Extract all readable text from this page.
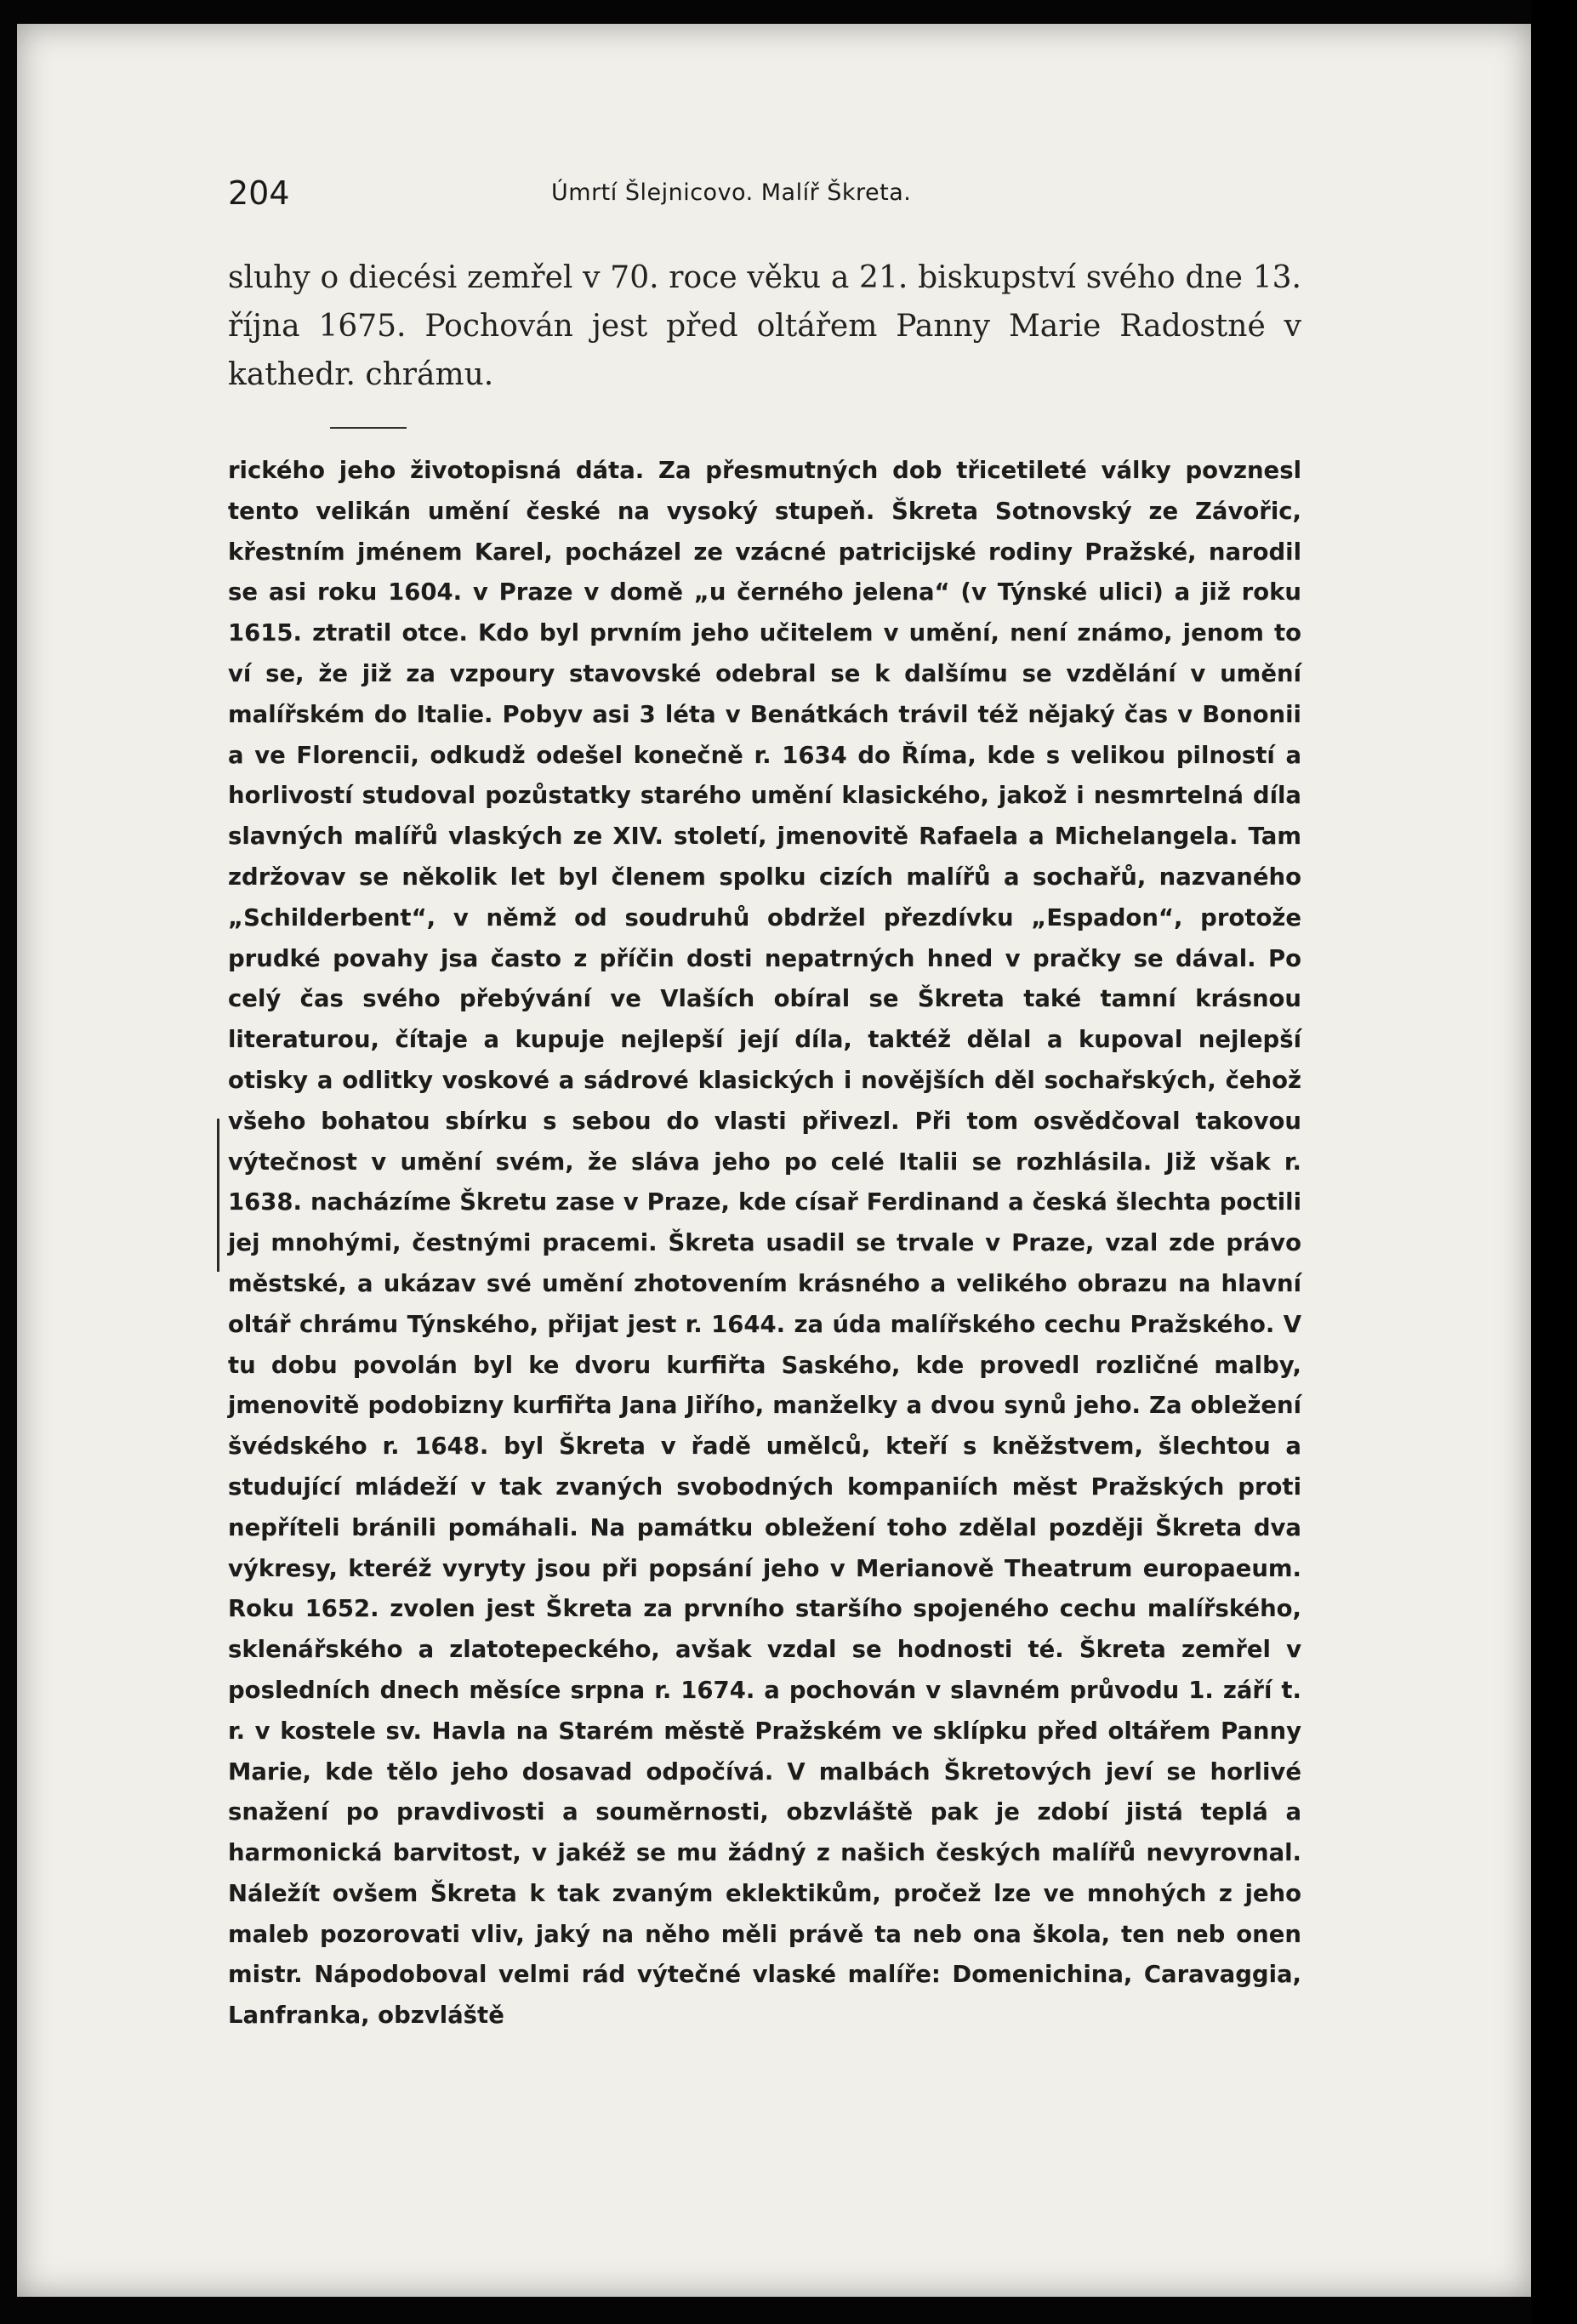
204	Úmrtí Šlejnicovo. Malíř Škreta.

sluhy o diecési zemřel v 70. roce věku a 21. biskupství svého dne 13. října 1675. Pochován jest před oltářem Panny Marie Radostné v kathedr. chrámu.

rického jeho životopisná dáta. Za přesmutných dob třicetileté války povznesl tento velikán umění české na vysoký stupeň. Škreta Sotnovský ze Závořic, křestním jménem Karel, pocházel ze vzácné patricijské rodiny Pražské, narodil se asi roku 1604. v Praze v domě „u černého jelena“ (v Týnské ulici) a již roku 1615. ztratil otce. Kdo byl prvním jeho učitelem v umění, není známo, jenom to ví se, že již za vzpoury stavovské odebral se k dalšímu se vzdělání v umění malířském do Italie. Pobyv asi 3 léta v Benátkách trávil též nějaký čas v Bononii a ve Florencii, odkudž odešel konečně r. 1634 do Říma, kde s velikou pilností a horlivostí studoval pozůstatky starého umění klasického, jakož i nesmrtelná díla slavných malířů vlaských ze XIV. století, jmenovitě Rafaela a Michelangela. Tam zdržovav se několik let byl členem spolku cizích malířů a sochařů, nazvaného „Schilderbent“, v němž od soudruhů obdržel přezdívku „Espadon“, protože prudké povahy jsa často z příčin dosti nepatrných hned v pračky se dával. Po celý čas svého přebývání ve Vlaších obíral se Škreta také tamní krásnou literaturou, čítaje a kupuje nejlepší její díla, taktéž dělal a kupoval nejlepší otisky a odlitky voskové a sádrové klasických i novějších děl sochařských, čehož všeho bohatou sbírku s sebou do vlasti přivezl. Při tom osvědčoval takovou výtečnost v umění svém, že sláva jeho po celé Italii se rozhlásila. Již však r. 1638. nacházíme Škretu zase v Praze, kde císař Ferdinand a česká šlechta poctili jej mnohými, čestnými pracemi. Škreta usadil se trvale v Praze, vzal zde právo městské, a ukázav své umění zhotovením krásného a velikého obrazu na hlavní oltář chrámu Týnského, přijat jest r. 1644. za úda malířského cechu Pražského. V tu dobu povolán byl ke dvoru kurfiřta Saského, kde provedl rozličné malby, jmenovitě podobizny kurfiřta Jana Jiřího, manželky a dvou synů jeho. Za obležení švédského r. 1648. byl Škreta v řadě umělců, kteří s kněžstvem, šlechtou a studující mládeží v tak zvaných svobodných kompaniích měst Pražských proti nepříteli bránili pomáhali. Na památku obležení toho zdělal později Škreta dva výkresy, kteréž vyryty jsou při popsání jeho v Merianově Theatrum europaeum. Roku 1652. zvolen jest Škreta za prvního staršího spojeného cechu malířského, sklenářského a zlatotepeckého, avšak vzdal se hodnosti té. Škreta zemřel v posledních dnech měsíce srpna r. 1674. a pochován v slavném průvodu 1. září t. r. v kostele sv. Havla na Starém městě Pražském ve sklípku před oltářem Panny Marie, kde tělo jeho dosavad odpočívá. V malbách Škretových jeví se horlivé snažení po pravdivosti a souměrnosti, obzvláště pak je zdobí jistá teplá a harmonická barvitost, v jakéž se mu žádný z našich českých malířů nevyrovnal. Náležít ovšem Škreta k tak zvaným eklektikům, pročež lze ve mnohých z jeho maleb pozorovati vliv, jaký na něho měli právě ta neb ona škola, ten neb onen mistr. Nápodoboval velmi rád výtečné vlaské malíře: Domenichina, Caravaggia, Lanfranka, obzvláště
